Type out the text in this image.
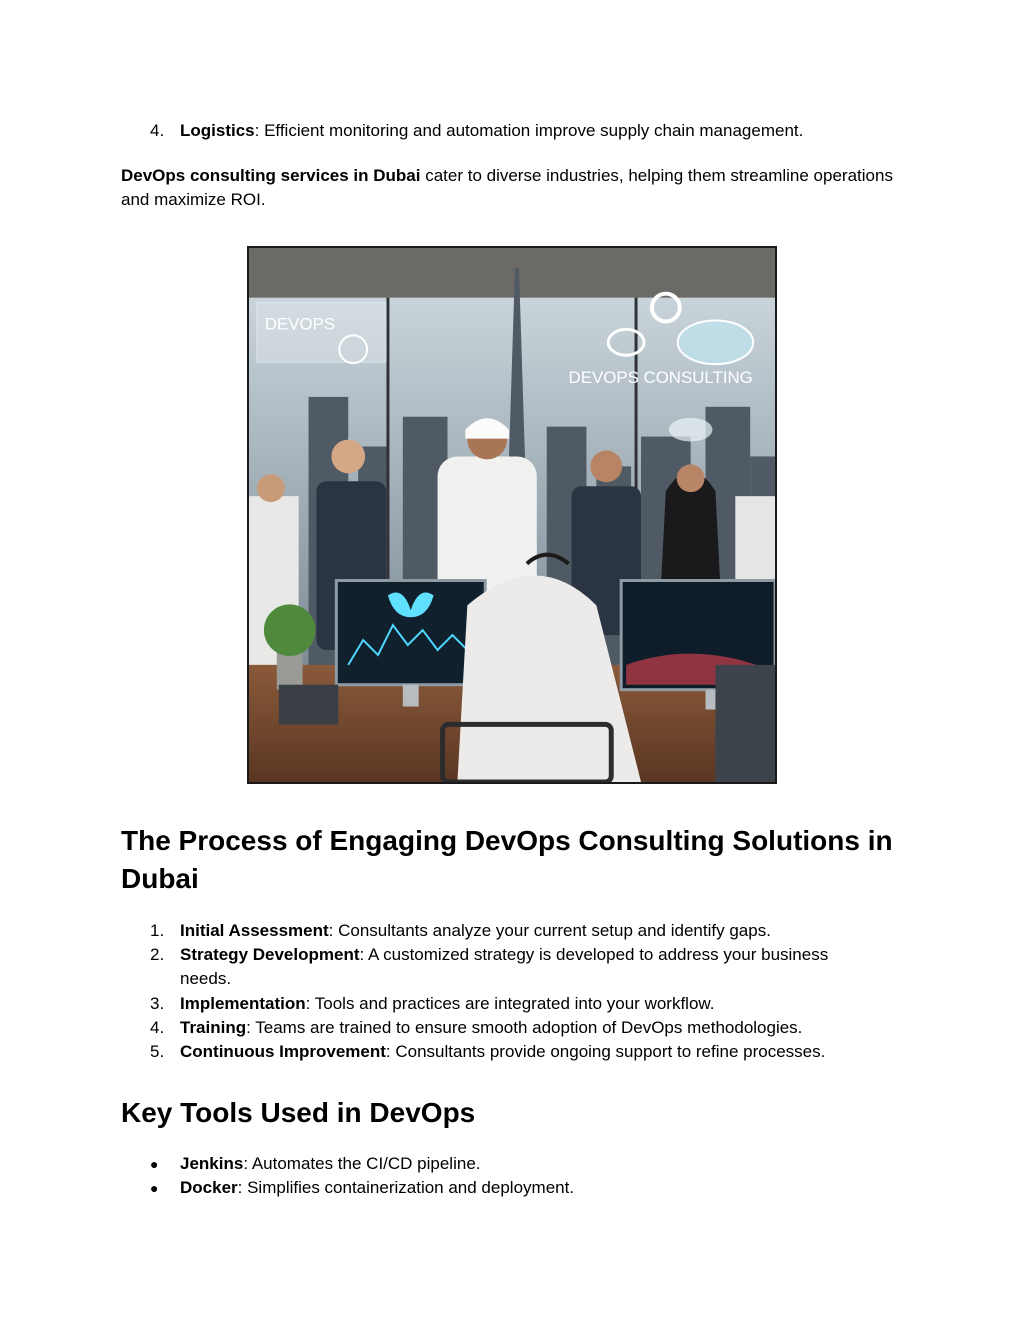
4. Logistics: Efficient monitoring and automation improve supply chain management.
DevOps consulting services in Dubai cater to diverse industries, helping them streamline operations and maximize ROI.
DEVOPS
DEVOPS CONSULTING
The Process of Engaging DevOps Consulting Solutions in Dubai
1. Initial Assessment: Consultants analyze your current setup and identify gaps.
2. Strategy Development: A customized strategy is developed to address your business
needs.
3. Implementation: Tools and practices are integrated into your workflow.
4. Training: Teams are trained to ensure smooth adoption of DevOps methodologies.
5. Continuous Improvement: Consultants provide ongoing support to refine processes.
Key Tools Used in DevOps
● Jenkins: Automates the CI/CD pipeline.
● Docker: Simplifies containerization and deployment.
